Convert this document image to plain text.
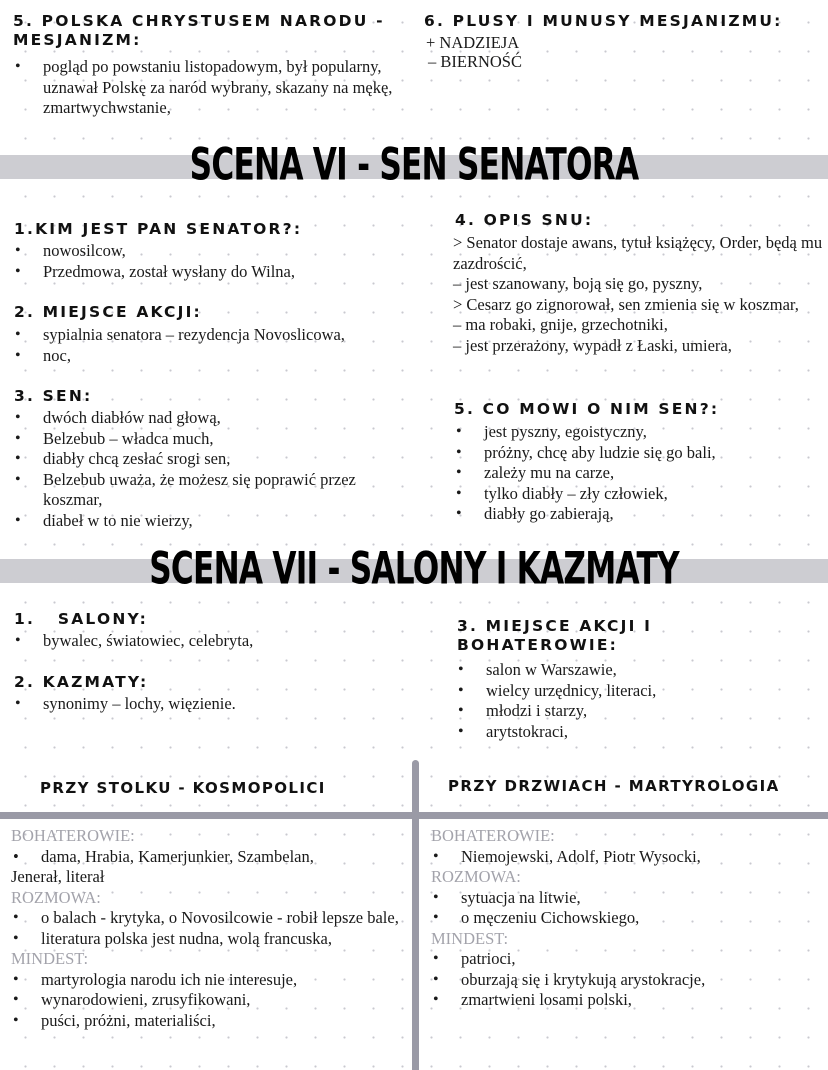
5. POLSKA CHRYSTUSEM NARODU - MESJANIZM:
• pogląd po powstaniu listopadowym, był popularny, uznawał Polskę za naród wybrany, skazany na mękę, zmartwychwstanie,
6. PLUSY I MUNUSY MESJANIZMU:
+ NADZIEJA
– BIERNOŚĆ
SCENA VI - SEN SENATORA
1.KIM JEST PAN SENATOR?:
• nowosilcow,
• Przedmowa, został wysłany do Wilna,
2. MIEJSCE AKCJI:
• sypialnia senatora – rezydencja Novoslicowa,
• noc,
3. SEN:
• dwóch diabłów nad głową,
• Belzebub – władca much,
• diabły chcą zesłać srogi sen,
• Belzebub uważa, że możesz się poprawić przez koszmar,
• diabeł w to nie wierzy,
4. OPIS SNU:
> Senator dostaje awans, tytuł książęcy, Order, będą mu zazdrościć,
– jest szanowany, boją się go, pyszny,
> Cesarz go zignorował, sen zmienia się w koszmar,
– ma robaki, gnije, grzechotniki,
– jest przerażony, wypadł z Łaski, umiera,
5. CO MOWI O NIM SEN?:
• jest pyszny, egoistyczny,
• próżny, chcę aby ludzie się go bali,
• zależy mu na carze,
• tylko diabły – zły człowiek,
• diabły go zabierają,
SCENA VII - SALONY I KAZMATY
1.   SALONY:
• bywalec, światowiec, celebryta,
2. KAZMATY:
• synonimy – lochy, więzienie.
3. MIEJSCE AKCJI I BOHATEROWIE:
• salon w Warszawie,
• wielcy urzędnicy, literaci,
• młodzi i starzy,
• arytstokraci,
PRZY STOLKU - KOSMOPOLICI	PRZY DRZWIACH - MARTYROLOGIA
BOHATEROWIE:
• dama, Hrabia, Kamerjunkier, Szambelan,
Jenerał, literał
ROZMOWA:
• o balach - krytyka, o Novosilcowie - robił lepsze bale,
• literatura polska jest nudna, wolą francuska,
MINDEST:
• martyrologia narodu ich nie interesuje,
• wynarodowieni, zrusyfikowani,
• puści, próżni, materialiści,
BOHATEROWIE:
• Niemojewski, Adolf, Piotr Wysocki,
ROZMOWA:
• sytuacja na litwie,
• o męczeniu Cichowskiego,
MINDEST:
• patrioci,
• oburzają się i krytykują arystokracje,
• zmartwieni losami polski,
